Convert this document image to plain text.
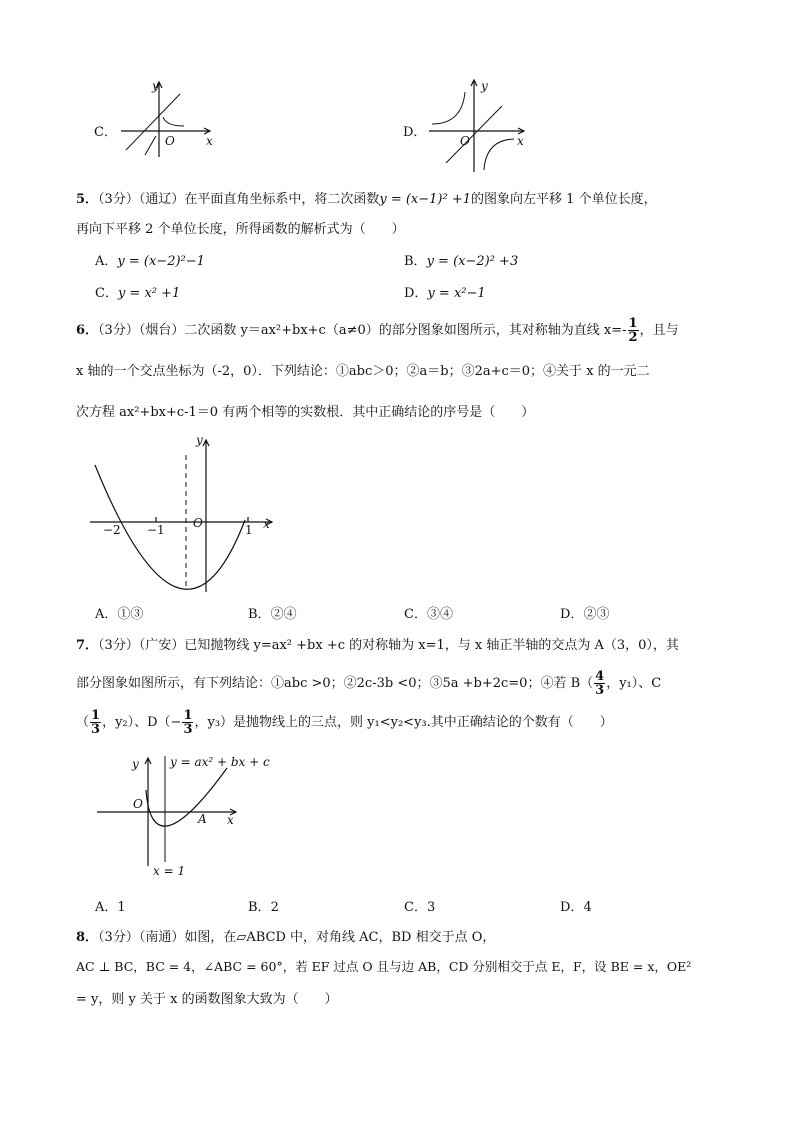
C．
y
O	x
D．
y
O	x
5．（3分）（通辽）在平面直角坐标系中，将二次函数y = (x−1)² +1的图象向左平移 1 个单位长度，
再向下平移 2 个单位长度，所得函数的解析式为（　　）
A．y = (x−2)²−1	B．y = (x−2)² +3
C．y = x² +1	D．y = x²−1
6．（3分）（烟台）二次函数 y＝ax²+bx+c（a≠0）的部分图象如图所示，其对称轴为直线 $x=- \frac{1}{2}$ ，且与
x 轴的一个交点坐标为（-2，0）．下列结论：①abc＞0；②a＝b；③2a+c＝0；④关于 x 的一元二
次方程 ax²+bx+c-1＝0 有两个相等的实数根．其中正确结论的序号是（　　）
y
O	x
−2 −1	1
A．①③	B．②④	C．③④	D．②③
7．（3分）（广安）已知抛物线 y=ax² +bx +c 的对称轴为 x=1，与 x 轴正半轴的交点为 A（3，0），其
部分图象如图所示，有下列结论：①abc >0；②2c-3b <0；③5a +b+2c=0；④若 $B( \frac{4}{3}$ ，y₁）、C
（ $\frac{1}{3}$ ，y₂）、$D(- \frac{1}{3}$ ，y₃）是抛物线上的三点，则 y₁<y₂<y₃.其中正确结论的个数有（　　）
y
O
x
A
y = ax² + bx + c
x = 1
A．1	B．2	C．3	D．4
8．（3分）（南通）如图，在▱ABCD 中，对角线 AC，BD 相交于点 O，
AC ⊥ BC，BC = 4，∠ABC = 60°，若 EF 过点 O 且与边 AB，CD 分别相交于点 E，F，设 BE = x，OE²
= y，则 y 关于 x 的函数图象大致为（　　）
